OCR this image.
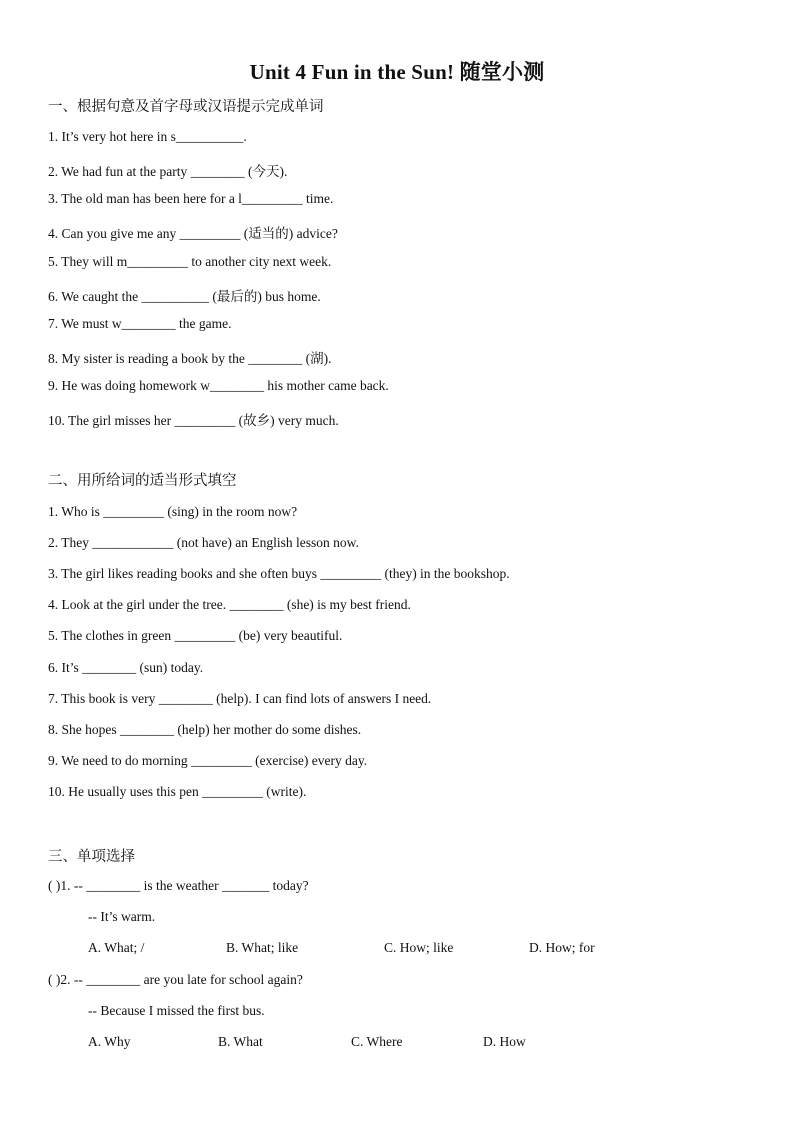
Unit 4 Fun in the Sun! 随堂小测
一、根据句意及首字母或汉语提示完成单词
1. It’s very hot here in s__________.
2. We had fun at the party ________ (今天).
3. The old man has been here for a l_________ time.
4. Can you give me any _________ (适当的) advice?
5. They will m_________ to another city next week.
6. We caught the __________ (最后的) bus home.
7. We must w________ the game.
8. My sister is reading a book by the ________ (湖).
9. He was doing homework w________ his mother came back.
10. The girl misses her _________ (故乡) very much.
二、用所给词的适当形式填空
1. Who is _________ (sing) in the room now?
2. They ____________ (not have) an English lesson now.
3. The girl likes reading books and she often buys _________ (they) in the bookshop.
4. Look at the girl under the tree. ________ (she) is my best friend.
5. The clothes in green _________ (be) very beautiful.
6. It’s ________ (sun) today.
7. This book is very ________ (help). I can find lots of answers I need.
8. She hopes ________ (help) her mother do some dishes.
9. We need to do morning _________ (exercise) every day.
10. He usually uses this pen _________ (write).
三、单项选择
( )1. -- ________ is the weather _______ today?
-- It’s warm.
A. What; /	B. What; like	C. How; like	D. How; for
( )2. -- ________ are you late for school again?
-- Because I missed the first bus.
A. Why	B. What	C. Where	D. How
